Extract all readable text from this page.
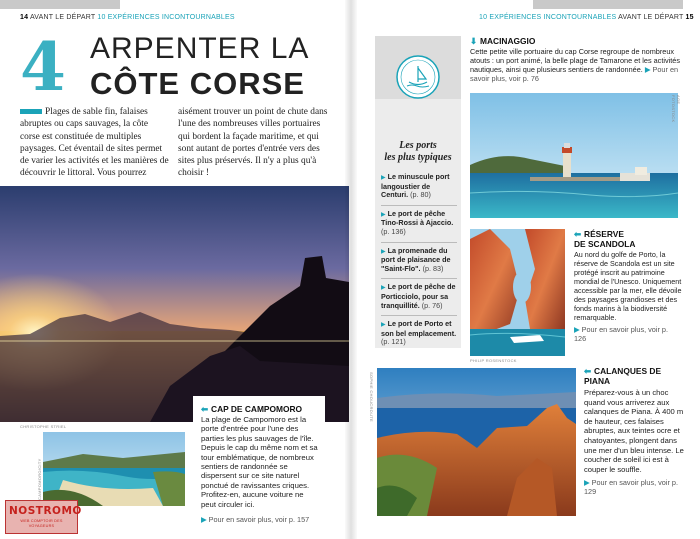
14 AVANT LE DÉPART 10 EXPÉRIENCES INCONTOURNABLES
4 ARPENTER LA
CÔTE CORSE
Plages de sable fin, falaises abruptes ou caps sauvages, la côte corse est constituée de multiples paysages. Cet éventail de sites permet de varier les activités et les manières de découvrir le littoral. Vous pourrez
aisément trouver un point de chute dans l'une des nombreuses villes portuaires qui bordent la façade maritime, et qui sont autant de portes d'entrée vers des sites plus préservés. Il n'y a plus qu'à choisir !
CHRISTOPHE STRIEL
CAMPOMORO/CITY
⬅ CAP DE CAMPOMORO
La plage de Campomoro est la porte d'entrée pour l'une des parties les plus sauvages de l'île. Depuis le cap du même nom et sa tour emblématique, de nombreux sentiers de randonnée se dispersent sur ce site naturel ponctué de ravissantes criques. Profitez-en, aucune voiture ne peut circuler ici.
▶ Pour en savoir plus, voir p. 157
NOSTROMO
WEB COMPTOIR DES VOYAGEURS
10 EXPÉRIENCES INCONTOURNABLES AVANT LE DÉPART 15
Les ports
les plus typiques
▶ Le minuscule port langoustier de Centuri. (p. 80)
▶ Le port de pêche Tino-Rossi à Ajaccio. (p. 136)
▶ La promenade du port de plaisance de "Saint-Flo". (p. 83)
▶ Le port de pêche de Porticciolo, pour sa tranquillité. (p. 76)
▶ Le port de Porto et son bel emplacement. (p. 121)
⬇ MACINAGGIO
Cette petite ville portuaire du cap Corse regroupe de nombreux atouts : un port animé, la belle plage de Tamarone et les activités nautiques, ainsi que plusieurs sentiers de randonnée. ▶ Pour en savoir plus, voir p. 76
AGE FOTOSTOCK
PHILIP ROSENSTOCK
⬅ RÉSERVE
DE SCANDOLA
Au nord du golfe de Porto, la réserve de Scandola est un site protégé inscrit au patrimoine mondial de l'Unesco. Uniquement accessible par la mer, elle dévoile des paysages grandioses et des fonds marins à la biodiversité remarquable.
▶ Pour en savoir plus, voir p. 126
SOPHIE CHOUCROUTE
⬅ CALANQUES DE PIANA
Préparez-vous à un choc quand vous arriverez aux calanques de Piana. À 400 m de hauteur, ces falaises abruptes, aux teintes ocre et chatoyantes, plongent dans une mer d'un bleu intense. Le coucher de soleil ici est à couper le souffle.
▶ Pour en savoir plus, voir p. 129
